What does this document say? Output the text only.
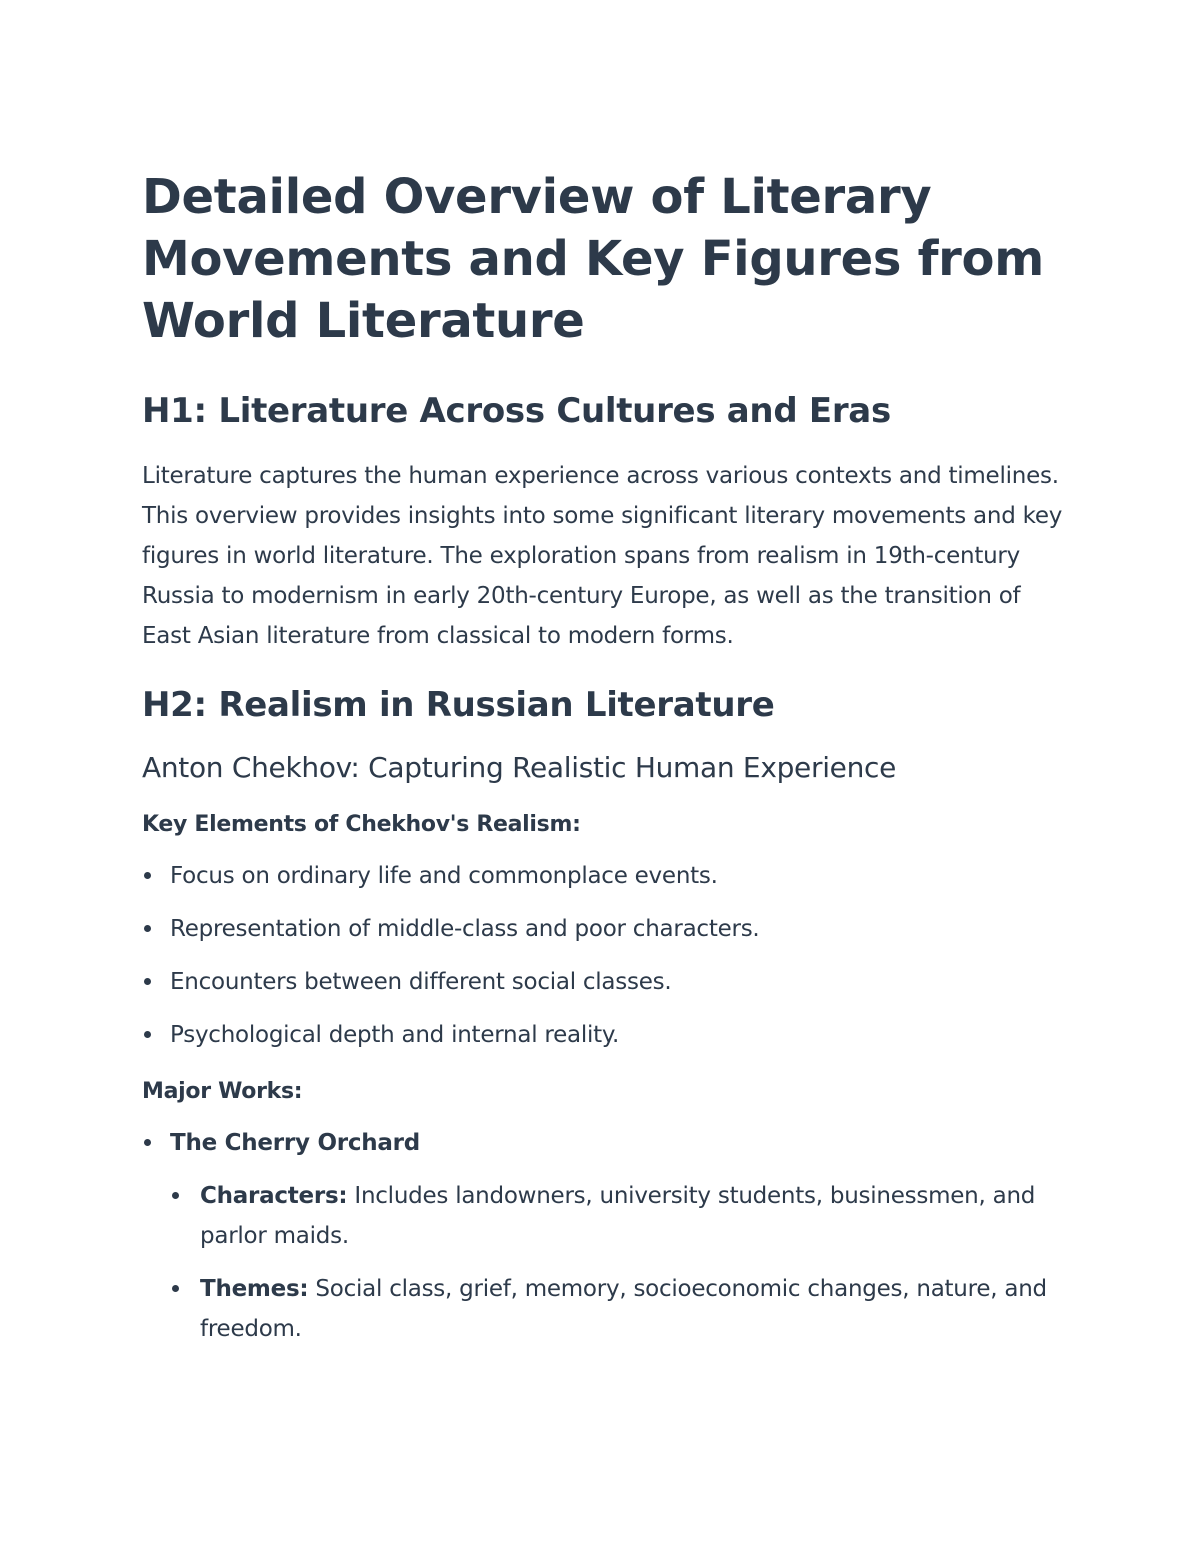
Detailed Overview of Literary Movements and Key Figures from World Literature
H1: Literature Across Cultures and Eras

Literature captures the human experience across various contexts and timelines. This overview provides insights into some significant literary movements and key figures in world literature. The exploration spans from realism in 19th-century Russia to modernism in early 20th-century Europe, as well as the transition of East Asian literature from classical to modern forms.

H2: Realism in Russian Literature
Anton Chekhov: Capturing Realistic Human Experience

Key Elements of Chekhov's Realism:

Focus on ordinary life and commonplace events.
Representation of middle-class and poor characters.
Encounters between different social classes.
Psychological depth and internal reality.

Major Works:

The Cherry Orchard
Characters: Includes landowners, university students, businessmen, and parlor maids.
Themes: Social class, grief, memory, socioeconomic changes, nature, and freedom.
